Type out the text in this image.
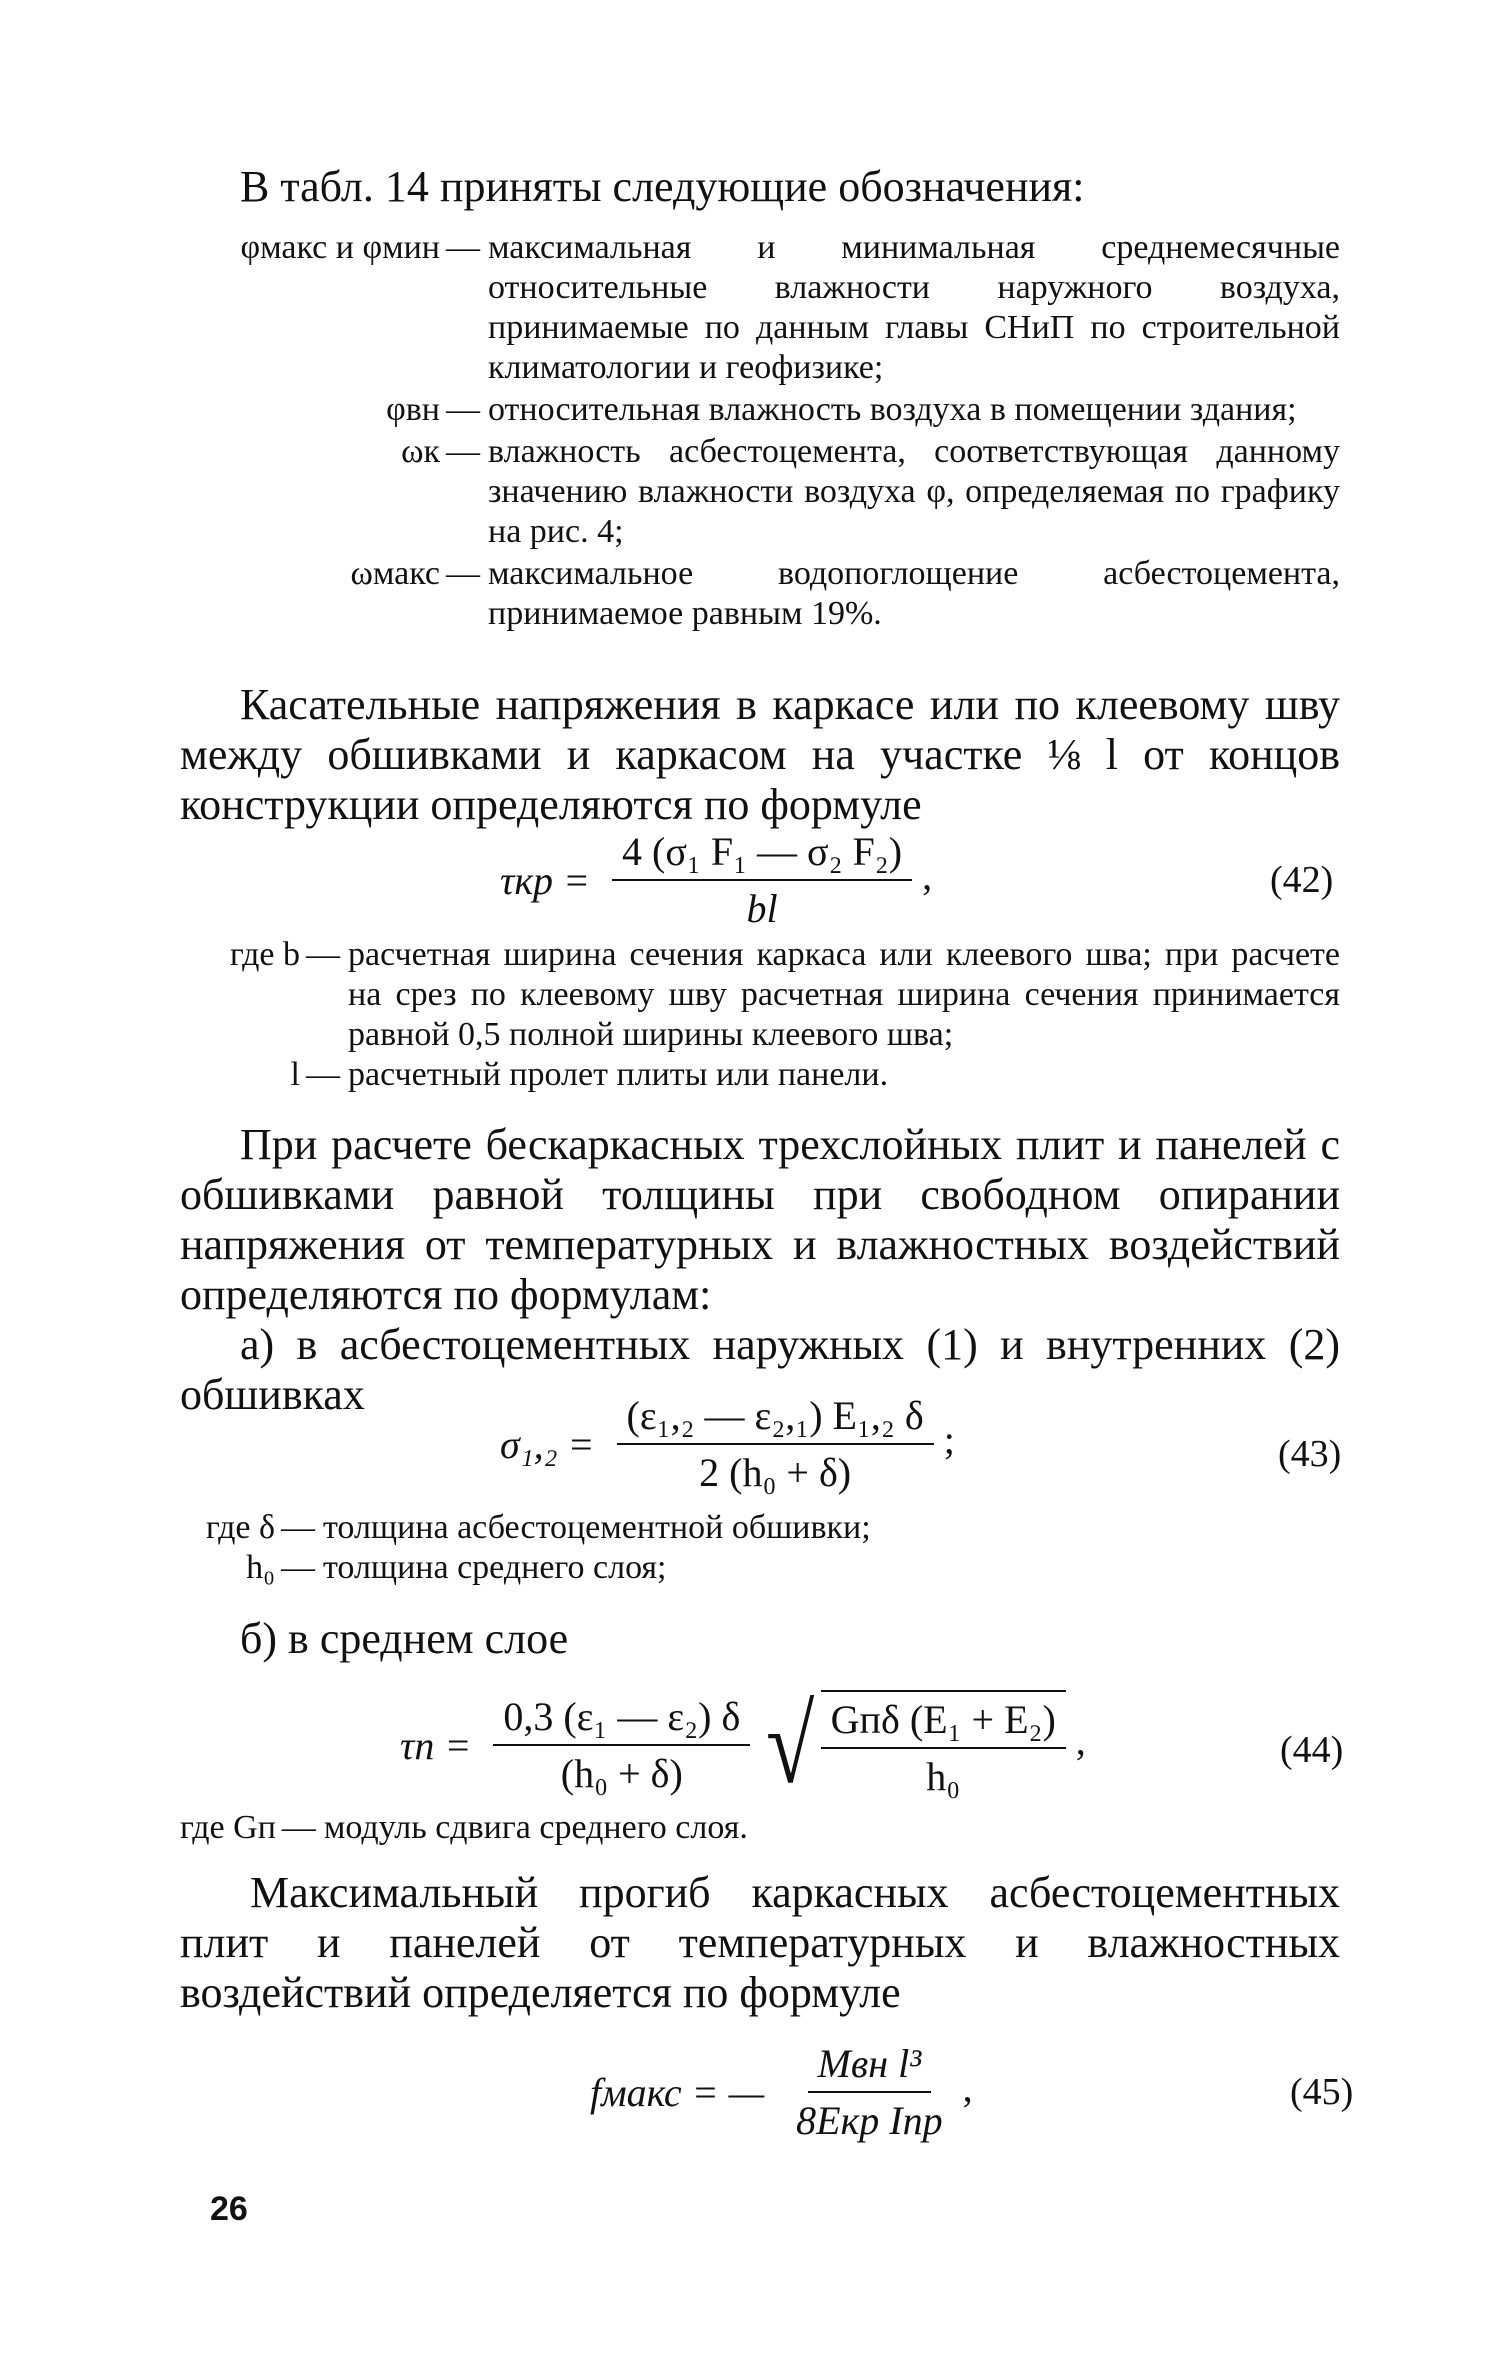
В табл. 14 приняты следующие обозначения:

φмакс и φмин — максимальная и минимальная среднемесячные относительные влажности наружного воздуха, принимаемые по данным главы СНиП по строительной климатологии и геофизике;
φвн — относительная влажность воздуха в помещении здания;
ωк — влажность асбестоцемента, соответствующая данному значению влажности воздуха φ, определяемая по графику на рис. 4;
ωмакс — максимальное водопоглощение асбестоцемента, принимаемое равным 19%.

Касательные напряжения в каркасе или по клеевому шву между обшивками и каркасом на участке ⅛ l от концов конструкции определяются по формуле

$\tau кр = \frac{\text{4 (σ₁ F₁ — σ₂ F₂)}}{bl}$ ,	(42)
где b — расчетная ширина сечения каркаса или клеевого шва; при расчете на срез по клеевому шву расчетная ширина сечения принимается равной 0,5 полной ширины клеевого шва;
l — расчетный пролет плиты или панели.

При расчете бескаркасных трехслойных плит и панелей с обшивками равной толщины при свободном опирании напряжения от температурных и влажностных воздействий определяются по формулам:

а) в асбестоцементных наружных (1) и внутренних (2) обшивках

$\sigma_1,_2 = \frac{\text{(ε₁,₂ — ε₂,₁) E₁,₂ δ}}{\text{2 (h₀ + δ)}}$ ;	(43)
где δ — толщина асбестоцементной обшивки;
h₀ — толщина среднего слоя;

б) в среднем слое

$\tau п = \frac{\text{0,3 (ε₁ — ε₂) δ}}{\text{(h₀ + δ)}}$
√ $\frac{\text{Gпδ (E₁ + E₂)}}{\text{h₀}}$ ,	(44)
где Gп — модуль сдвига среднего слоя.

Максимальный прогиб каркасных асбестоцементных плит и панелей от температурных и влажностных воздействий определяется по формуле

fмакс = — $\frac{\text{Mвн l³}}{\text{8Eкр Iпр}}$ ,	(45)
26
